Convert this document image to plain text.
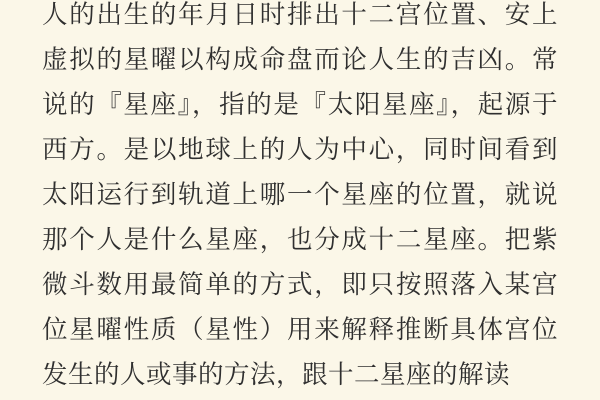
人的出生的年月日时排出十二宫位置、安上虚拟的星曜以构成命盘而论人生的吉凶。常说的『星座』，指的是『太阳星座』，起源于西方。是以地球上的人为中心，同时间看到太阳运行到轨道上哪一个星座的位置，就说那个人是什么星座，也分成十二星座。把紫微斗数用最简单的方式，即只按照落入某宫位星曜性质（星性）用来解释推断具体宫位发生的人或事的方法，跟十二星座的解读
